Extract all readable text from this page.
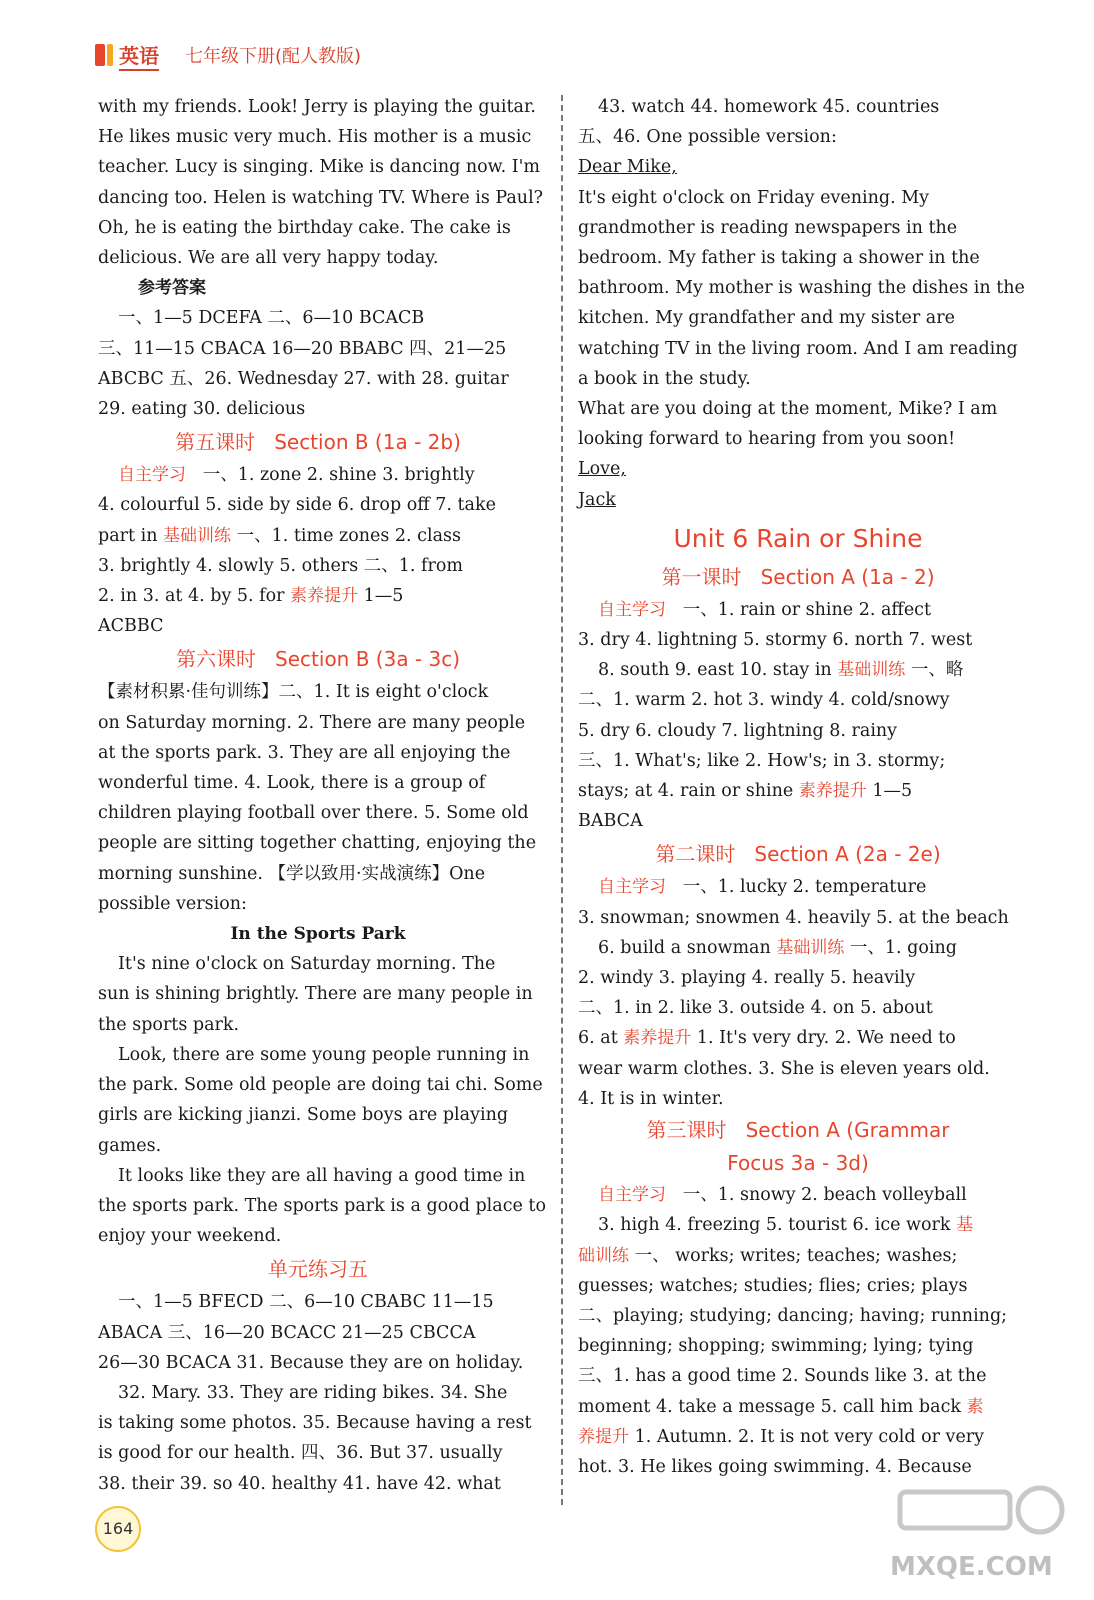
英语 七年级下册(配人教版)
with my friends. Look! Jerry is playing the guitar.
He likes music very much. His mother is a music
teacher. Lucy is singing. Mike is dancing now. I'm
dancing too. Helen is watching TV. Where is Paul?
Oh, he is eating the birthday cake. The cake is
delicious. We are all very happy today.
参考答案
一、1—5 DCEFA 二、6—10 BCACB
三、11—15 CBACA 16—20 BBABC 四、21—25
ABCBC 五、26. Wednesday 27. with 28. guitar
29. eating 30. delicious
第五课时 Section B (1a - 2b)
自主学习 一、1. zone 2. shine 3. brightly
4. colourful 5. side by side 6. drop off 7. take
part in 基础训练 一、1. time zones 2. class
3. brightly 4. slowly 5. others 二、1. from
2. in 3. at 4. by 5. for 素养提升 1—5
ACBBC
第六课时 Section B (3a - 3c)
【素材积累·佳句训练】二、1. It is eight o'clock
on Saturday morning. 2. There are many people
at the sports park. 3. They are all enjoying the
wonderful time. 4. Look, there is a group of
children playing football over there. 5. Some old
people are sitting together chatting, enjoying the
morning sunshine. 【学以致用·实战演练】One
possible version:
In the Sports Park
It's nine o'clock on Saturday morning. The
sun is shining brightly. There are many people in
the sports park.
Look, there are some young people running in
the park. Some old people are doing tai chi. Some
girls are kicking jianzi. Some boys are playing
games.
It looks like they are all having a good time in
the sports park. The sports park is a good place to
enjoy your weekend.
单元练习五
一、1—5 BFECD 二、6—10 CBABC 11—15
ABACA 三、16—20 BCACC 21—25 CBCCA
26—30 BCACA 31. Because they are on holiday.
32. Mary. 33. They are riding bikes. 34. She
is taking some photos. 35. Because having a rest
is good for our health. 四、36. But 37. usually
38. their 39. so 40. healthy 41. have 42. what
43. watch 44. homework 45. countries
五、46. One possible version:
Dear Mike,
It's eight o'clock on Friday evening. My
grandmother is reading newspapers in the
bedroom. My father is taking a shower in the
bathroom. My mother is washing the dishes in the
kitchen. My grandfather and my sister are
watching TV in the living room. And I am reading
a book in the study.
What are you doing at the moment, Mike? I am
looking forward to hearing from you soon!
Love,
Jack
Unit 6 Rain or Shine
第一课时 Section A (1a - 2)
自主学习 一、1. rain or shine 2. affect
3. dry 4. lightning 5. stormy 6. north 7. west
8. south 9. east 10. stay in 基础训练 一、略
二、1. warm 2. hot 3. windy 4. cold/snowy
5. dry 6. cloudy 7. lightning 8. rainy
三、1. What's; like 2. How's; in 3. stormy;
stays; at 4. rain or shine 素养提升 1—5
BABCA
第二课时 Section A (2a - 2e)
自主学习 一、1. lucky 2. temperature
3. snowman; snowmen 4. heavily 5. at the beach
6. build a snowman 基础训练 一、1. going
2. windy 3. playing 4. really 5. heavily
二、1. in 2. like 3. outside 4. on 5. about
6. at 素养提升 1. It's very dry. 2. We need to
wear warm clothes. 3. She is eleven years old.
4. It is in winter.
第三课时 Section A (Grammar
Focus 3a - 3d)
自主学习 一、1. snowy 2. beach volleyball
3. high 4. freezing 5. tourist 6. ice work 基
础训练 一、 works; writes; teaches; washes;
guesses; watches; studies; flies; cries; plays
二、playing; studying; dancing; having; running;
beginning; shopping; swimming; lying; tying
三、1. has a good time 2. Sounds like 3. at the
moment 4. take a message 5. call him back 素
养提升 1. Autumn. 2. It is not very cold or very
hot. 3. He likes going swimming. 4. Because
164
MXQE.COM
